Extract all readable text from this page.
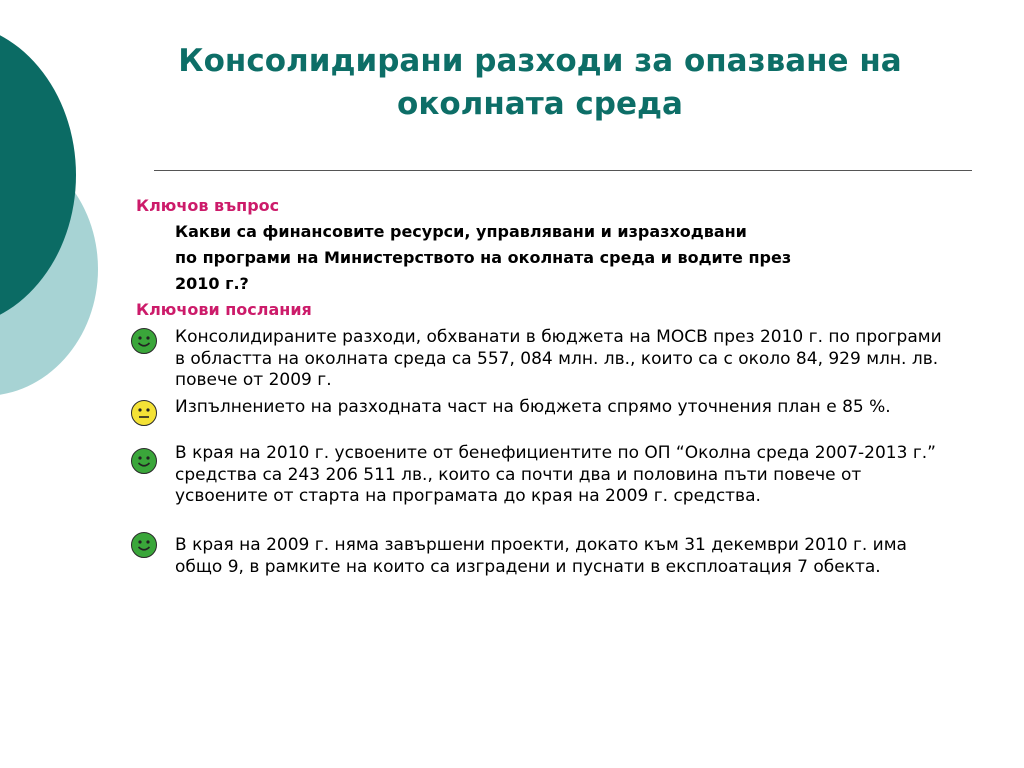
Консолидирани разходи за опазване на околната среда
Ключов въпрос
Какви са финансовите ресурси, управлявани и изразходвани
по програми на Министерството на околната среда и водите през
2010 г.?
Ключови послания
Консолидираните разходи, обхванати в бюджета на МОСВ през 2010 г. по програми в областта на околната среда са 557, 084 млн. лв., които са с около 84, 929 млн. лв. повече от 2009 г.
Изпълнението на разходната част на бюджета спрямо уточнения план е 85 %.
В края на 2010 г. усвоените от бенефициентите по ОП “Околна среда 2007-2013 г.” средства са 243 206 511 лв., които са почти два и половина пъти повече от усвоените от старта на програмата до края на 2009 г. средства.
В края на 2009 г. няма завършени проекти, докато към 31 декември 2010 г. има общо 9, в рамките на които са изградени и пуснати в експлоатация 7 обекта.
